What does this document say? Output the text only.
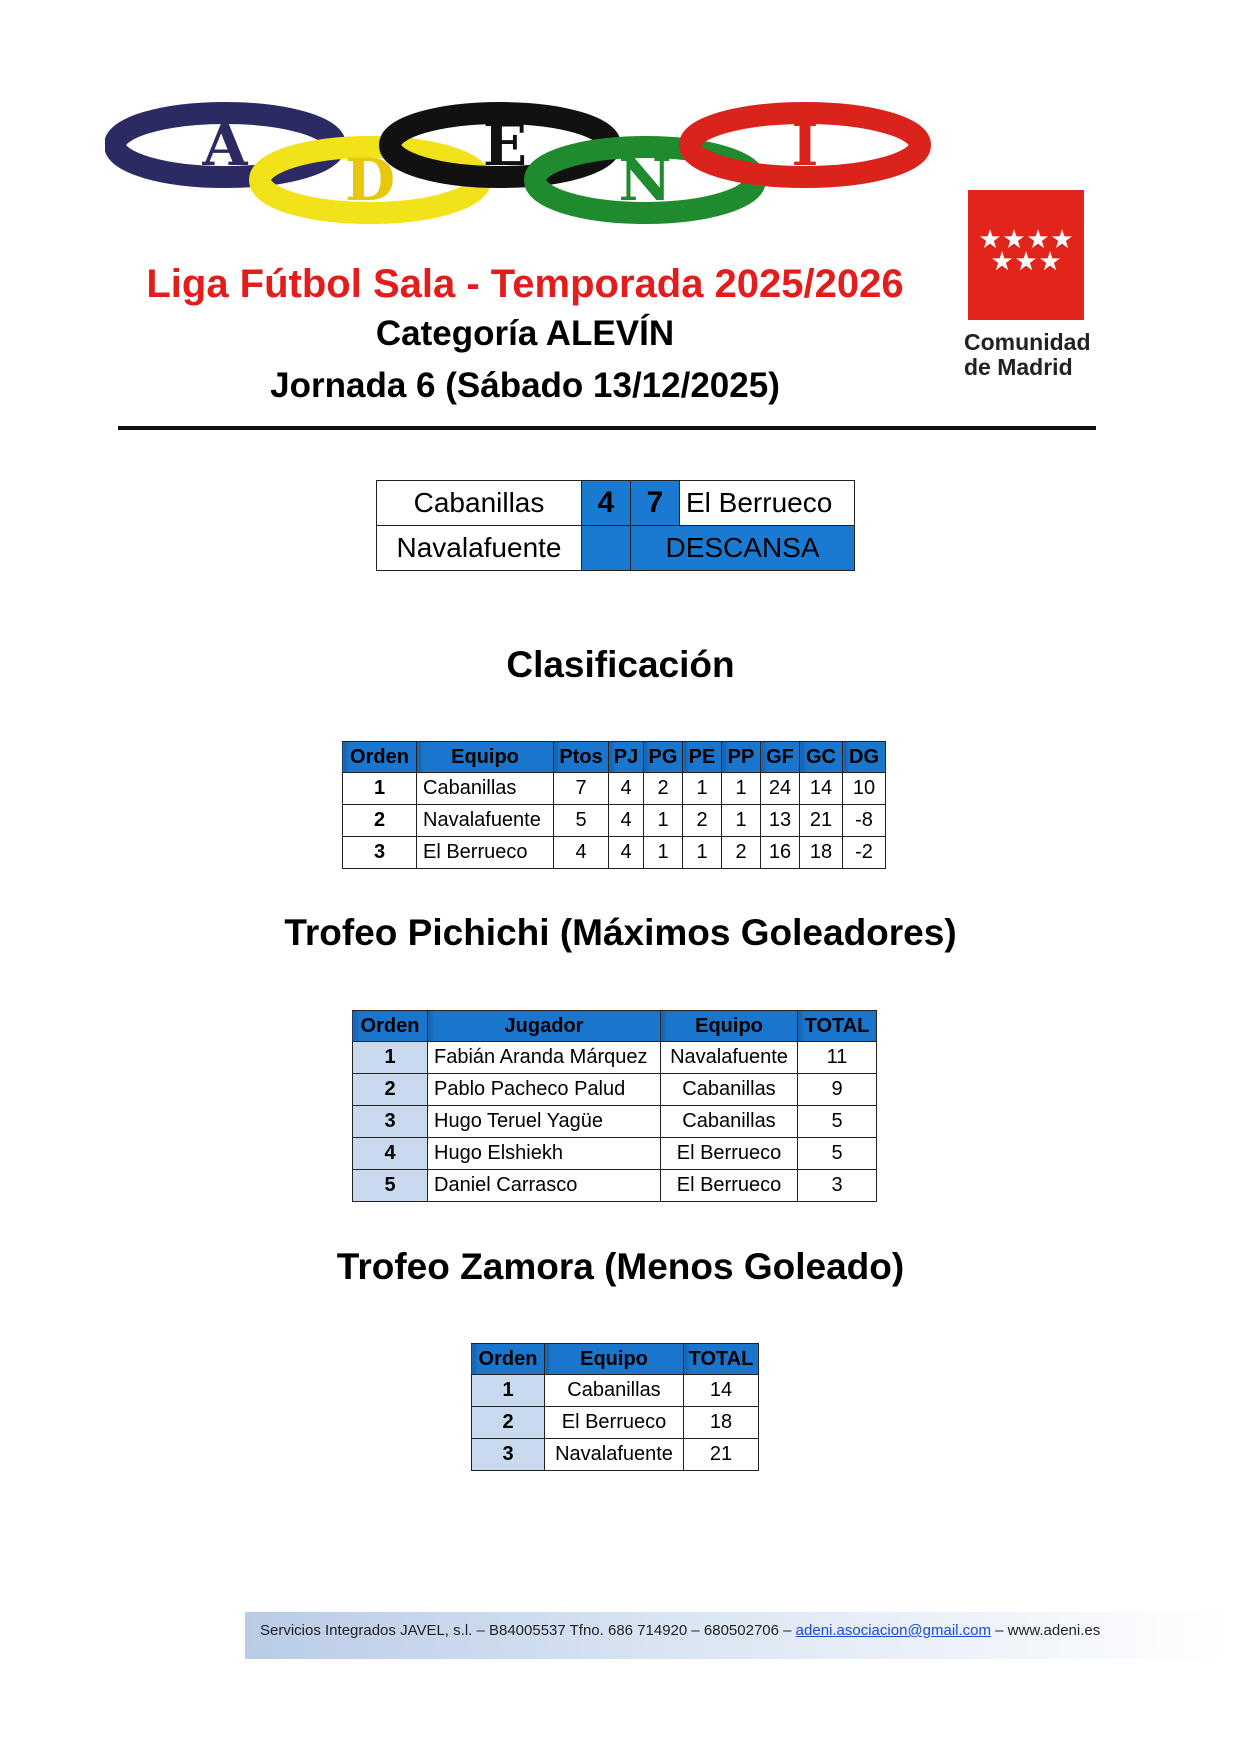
A
D
E
N
I
Liga Fútbol Sala - Temporada 2025/2026
Categoría ALEVÍN
Jornada 6 (Sábado 13/12/2025)
★ ★ ★ ★
★ ★ ★
Comunidad
de Madrid
Cabanillas	4	7	El Berrueco
Navalafuente		DESCANSA	
Clasificación
Orden	Equipo	Ptos	PJ	PG	PE	PP	GF	GC	DG
1	Cabanillas	7	4	2	1	1	24	14	10
2	Navalafuente	5	4	1	2	1	13	21	-8
3	El Berrueco	4	4	1	1	2	16	18	-2
Trofeo Pichichi (Máximos Goleadores)
Orden	Jugador	Equipo	TOTAL
1	Fabián Aranda Márquez	Navalafuente	11
2	Pablo Pacheco Palud	Cabanillas	9
3	Hugo Teruel Yagüe	Cabanillas	5
4	Hugo Elshiekh	El Berrueco	5
5	Daniel Carrasco	El Berrueco	3
Trofeo Zamora (Menos Goleado)
Orden	Equipo	TOTAL
1	Cabanillas	14
2	El Berrueco	18
3	Navalafuente	21
Servicios Integrados JAVEL, s.l. – B84005537 Tfno. 686 714920 – 680502706 – adeni.asociacion@gmail.com – www.adeni.es
